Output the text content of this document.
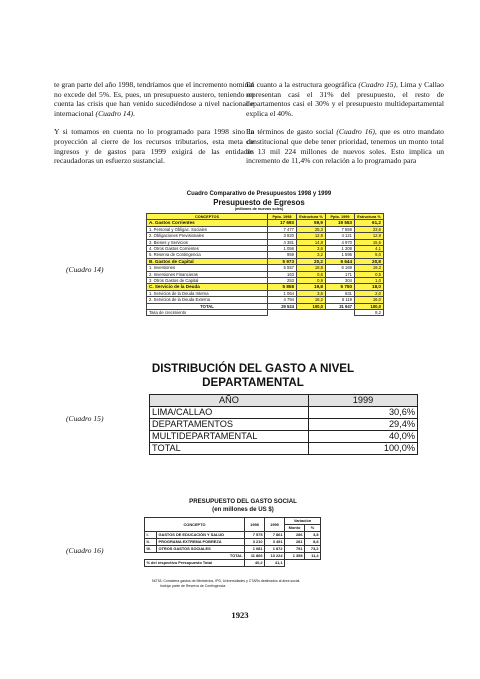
te gran parte del año 1998, tendríamos que el incremento nominal no excede del 5%. Es, pues, un presupuesto austero, teniendo en cuenta las crisis que han venido sucediéndose a nivel nacional e internacional (Cuadro 14).

Y si tomamos en cuenta no lo programado para 1998 sino la proyección al cierre de los recursos tributarios, esta meta de ingresos y de gastos para 1999 exigirá de las entidades recaudadoras un esfuerzo sustancial.

En cuanto a la estructura geográfica (Cuadro 15), Lima y Callao representan casi el 31% del presupuesto, el resto de departamentos casi el 30% y el presupuesto multidepartamental explica el 40%.

En términos de gasto social (Cuadro 16), que es otro mandato constitucional que debe tener prioridad, tenemos un monto total de 13 mil 224 millones de nuevos soles. Esto implica un incremento de 11,4% con relación a lo programado para

Cuadro Comparativo de Presupuestos 1998 y 1999
Presupuesto de Egresos
(millones de nuevos soles)
(Cuadro 14)
CONCEPTOS	Ppto. 1998	Estructura %	Ppto. 1999	Estructura %
A. Gastos Corrientes	17 693	59,9	19 553	61,2
1. Personal y Obligac. Sociales	7 477	25,3	7 559	23,6
2. Obligaciones Previsionales	3 820	12,9	4 121	12,9
3. Bienes y Servicios	4 381	14,8	4 970	15,6
4. Otros Gastos Corrientes	1 056	3,6	1 308	4,1
5. Reserva de Contingencia	959	3,2	1 595	5,0
B. Gastos de Capital	5 973	20,2	6 644	20,8
1. Inversiones	5 557	18,8	6 169	19,3
2. Inversiones Financieras	163	0,6	171	0,5
3. Otros Gastos de Capital	253	0,9	304	1,0
C. Servicio de la Deuda	5 858	19,8	5 750	18,0
1. Servicios de la Deuda Interna	1 064	3,6	631	2,0
2. Servicios de la Deuda Externa	4 794	16,2	5 119	16,0
TOTAL	29 524	100,0	31 947	100,0
Tasa de crecimiento				8,2
DISTRIBUCIÓN DEL GASTO A NIVEL
DEPARTAMENTAL
(Cuadro 15)
AÑO	1999
LIMA/CALLAO	30,6%
DEPARTAMENTOS	29,4%
MULTIDEPARTAMENTAL	40,0%
TOTAL	100,0%
PRESUPUESTO DEL GASTO SOCIAL
(en millones de US $)
(Cuadro 16)
CONCEPTO		1998	1999	Variación	
				Monto	%
I.	GASTOS DE EDUCACIÓN Y SALUD	7 575	7 861	286	3,8
II.	PROGRAMA EXTREMA POBREZA	3 210	3 491	281	8,8
III.	OTROS GASTOS SOCIALES	1 081	1 872	791	73,2
	TOTAL	11 866	13 224	1 358	11,4
% del respectivo Presupuesto Total		40,2	41,1		
NOTA: Considera gastos de Ministerios, IPD, Universidades y CTARs destinados al área social.
Incluye parte de Reserva de Contingencia.
1923
